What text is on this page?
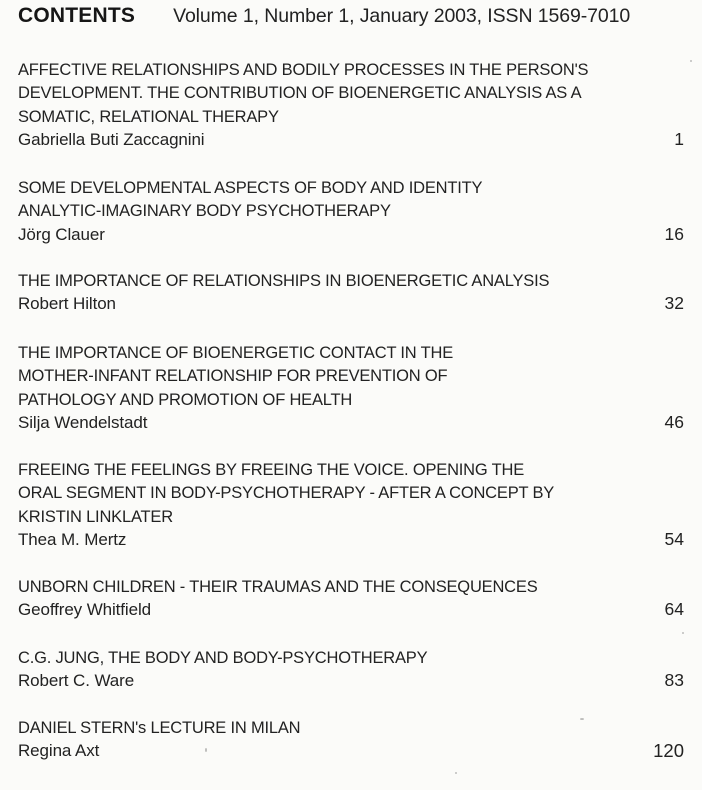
CONTENTS Volume 1, Number 1, January 2003, ISSN 1569-7010
AFFECTIVE RELATIONSHIPS AND BODILY PROCESSES IN THE PERSON'S DEVELOPMENT. THE CONTRIBUTION OF BIOENERGETIC ANALYSIS AS A SOMATIC, RELATIONAL THERAPY
Gabriella Buti Zaccagnini	1
SOME DEVELOPMENTAL ASPECTS OF BODY AND IDENTITY ANALYTIC-IMAGINARY BODY PSYCHOTHERAPY
Jörg Clauer	16
THE IMPORTANCE OF RELATIONSHIPS IN BIOENERGETIC ANALYSIS
Robert Hilton	32
THE IMPORTANCE OF BIOENERGETIC CONTACT IN THE MOTHER-INFANT RELATIONSHIP FOR PREVENTION OF PATHOLOGY AND PROMOTION OF HEALTH
Silja Wendelstadt	46
FREEING THE FEELINGS BY FREEING THE VOICE. OPENING THE ORAL SEGMENT IN BODY-PSYCHOTHERAPY - AFTER A CONCEPT BY KRISTIN LINKLATER
Thea M. Mertz	54
UNBORN CHILDREN - THEIR TRAUMAS AND THE CONSEQUENCES
Geoffrey Whitfield	64
C.G. JUNG, THE BODY AND BODY-PSYCHOTHERAPY
Robert C. Ware	83
DANIEL STERN's LECTURE IN MILAN
Regina Axt	120
